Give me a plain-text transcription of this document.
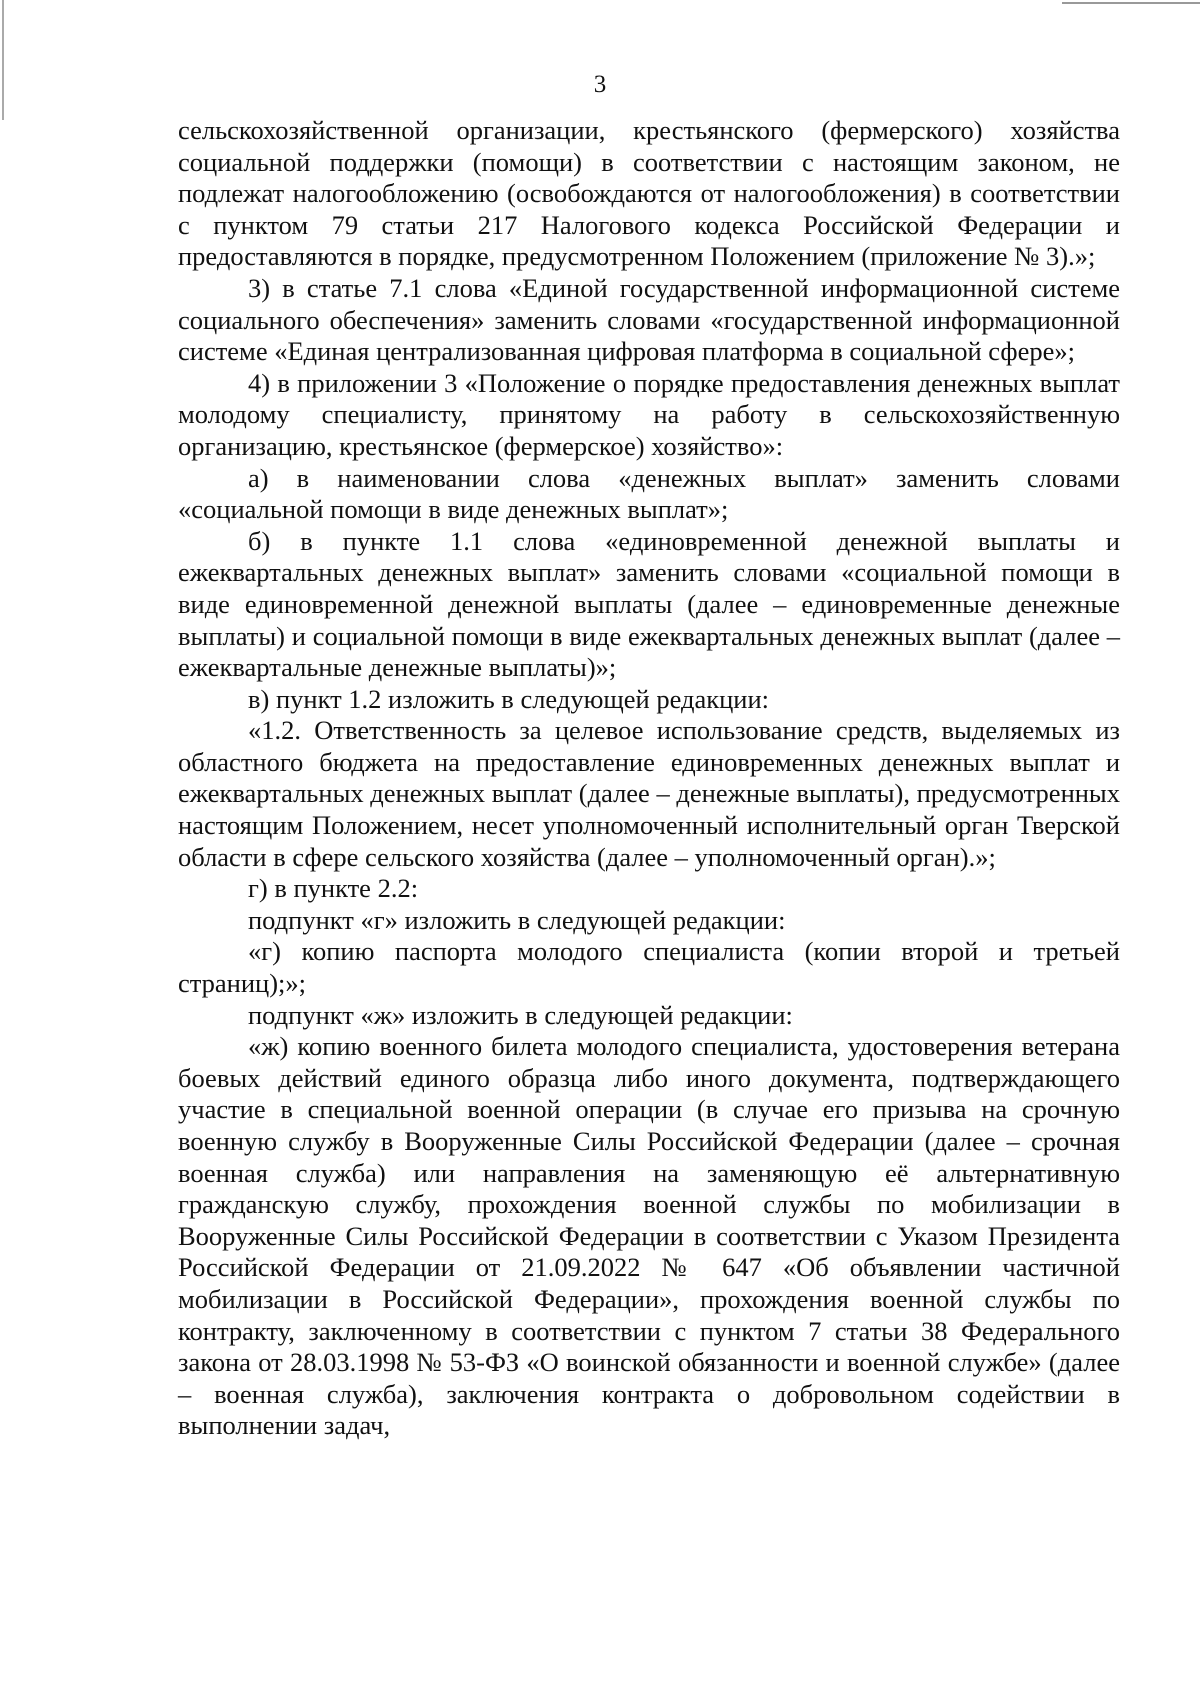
3

сельскохозяйственной организации, крестьянского (фермерского) хозяйства социальной поддержки (помощи) в соответствии с настоящим законом, не подлежат налогообложению (освобождаются от налогообложения) в соответствии с пунктом 79 статьи 217 Налогового кодекса Российской Федерации и предоставляются в порядке, предусмотренном Положением (приложение № 3).»;

3) в статье 7.1 слова «Единой государственной информационной системе социального обеспечения» заменить словами «государственной информационной системе «Единая централизованная цифровая платформа в социальной сфере»;

4) в приложении 3 «Положение о порядке предоставления денежных выплат молодому специалисту, принятому на работу в сельскохозяйственную организацию, крестьянское (фермерское) хозяйство»:

а) в наименовании слова «денежных выплат» заменить словами «социальной помощи в виде денежных выплат»;

б) в пункте 1.1 слова «единовременной денежной выплаты и ежеквартальных денежных выплат» заменить словами «социальной помощи в виде единовременной денежной выплаты (далее – единовременные денежные выплаты) и социальной помощи в виде ежеквартальных денежных выплат (далее – ежеквартальные денежные выплаты)»;

в) пункт 1.2 изложить в следующей редакции:

«1.2. Ответственность за целевое использование средств, выделяемых из областного бюджета на предоставление единовременных денежных выплат и ежеквартальных денежных выплат (далее – денежные выплаты), предусмотренных настоящим Положением, несет уполномоченный исполнительный орган Тверской области в сфере сельского хозяйства (далее – уполномоченный орган).»;

г) в пункте 2.2:

подпункт «г» изложить в следующей редакции:

«г) копию паспорта молодого специалиста (копии второй и третьей страниц);»;

подпункт «ж» изложить в следующей редакции:

«ж) копию военного билета молодого специалиста, удостоверения ветерана боевых действий единого образца либо иного документа, подтверждающего участие в специальной военной операции (в случае его призыва на срочную военную службу в Вооруженные Силы Российской Федерации (далее – срочная военная служба) или направления на заменяющую её альтернативную гражданскую службу, прохождения военной службы по мобилизации в Вооруженные Силы Российской Федерации в соответствии с Указом Президента Российской Федерации от 21.09.2022 № 647 «Об объявлении частичной мобилизации в Российской Федерации», прохождения военной службы по контракту, заключенному в соответствии с пунктом 7 статьи 38 Федерального закона от 28.03.1998 № 53-ФЗ «О воинской обязанности и военной службе» (далее – военная служба), заключения контракта о добровольном содействии в выполнении задач,
